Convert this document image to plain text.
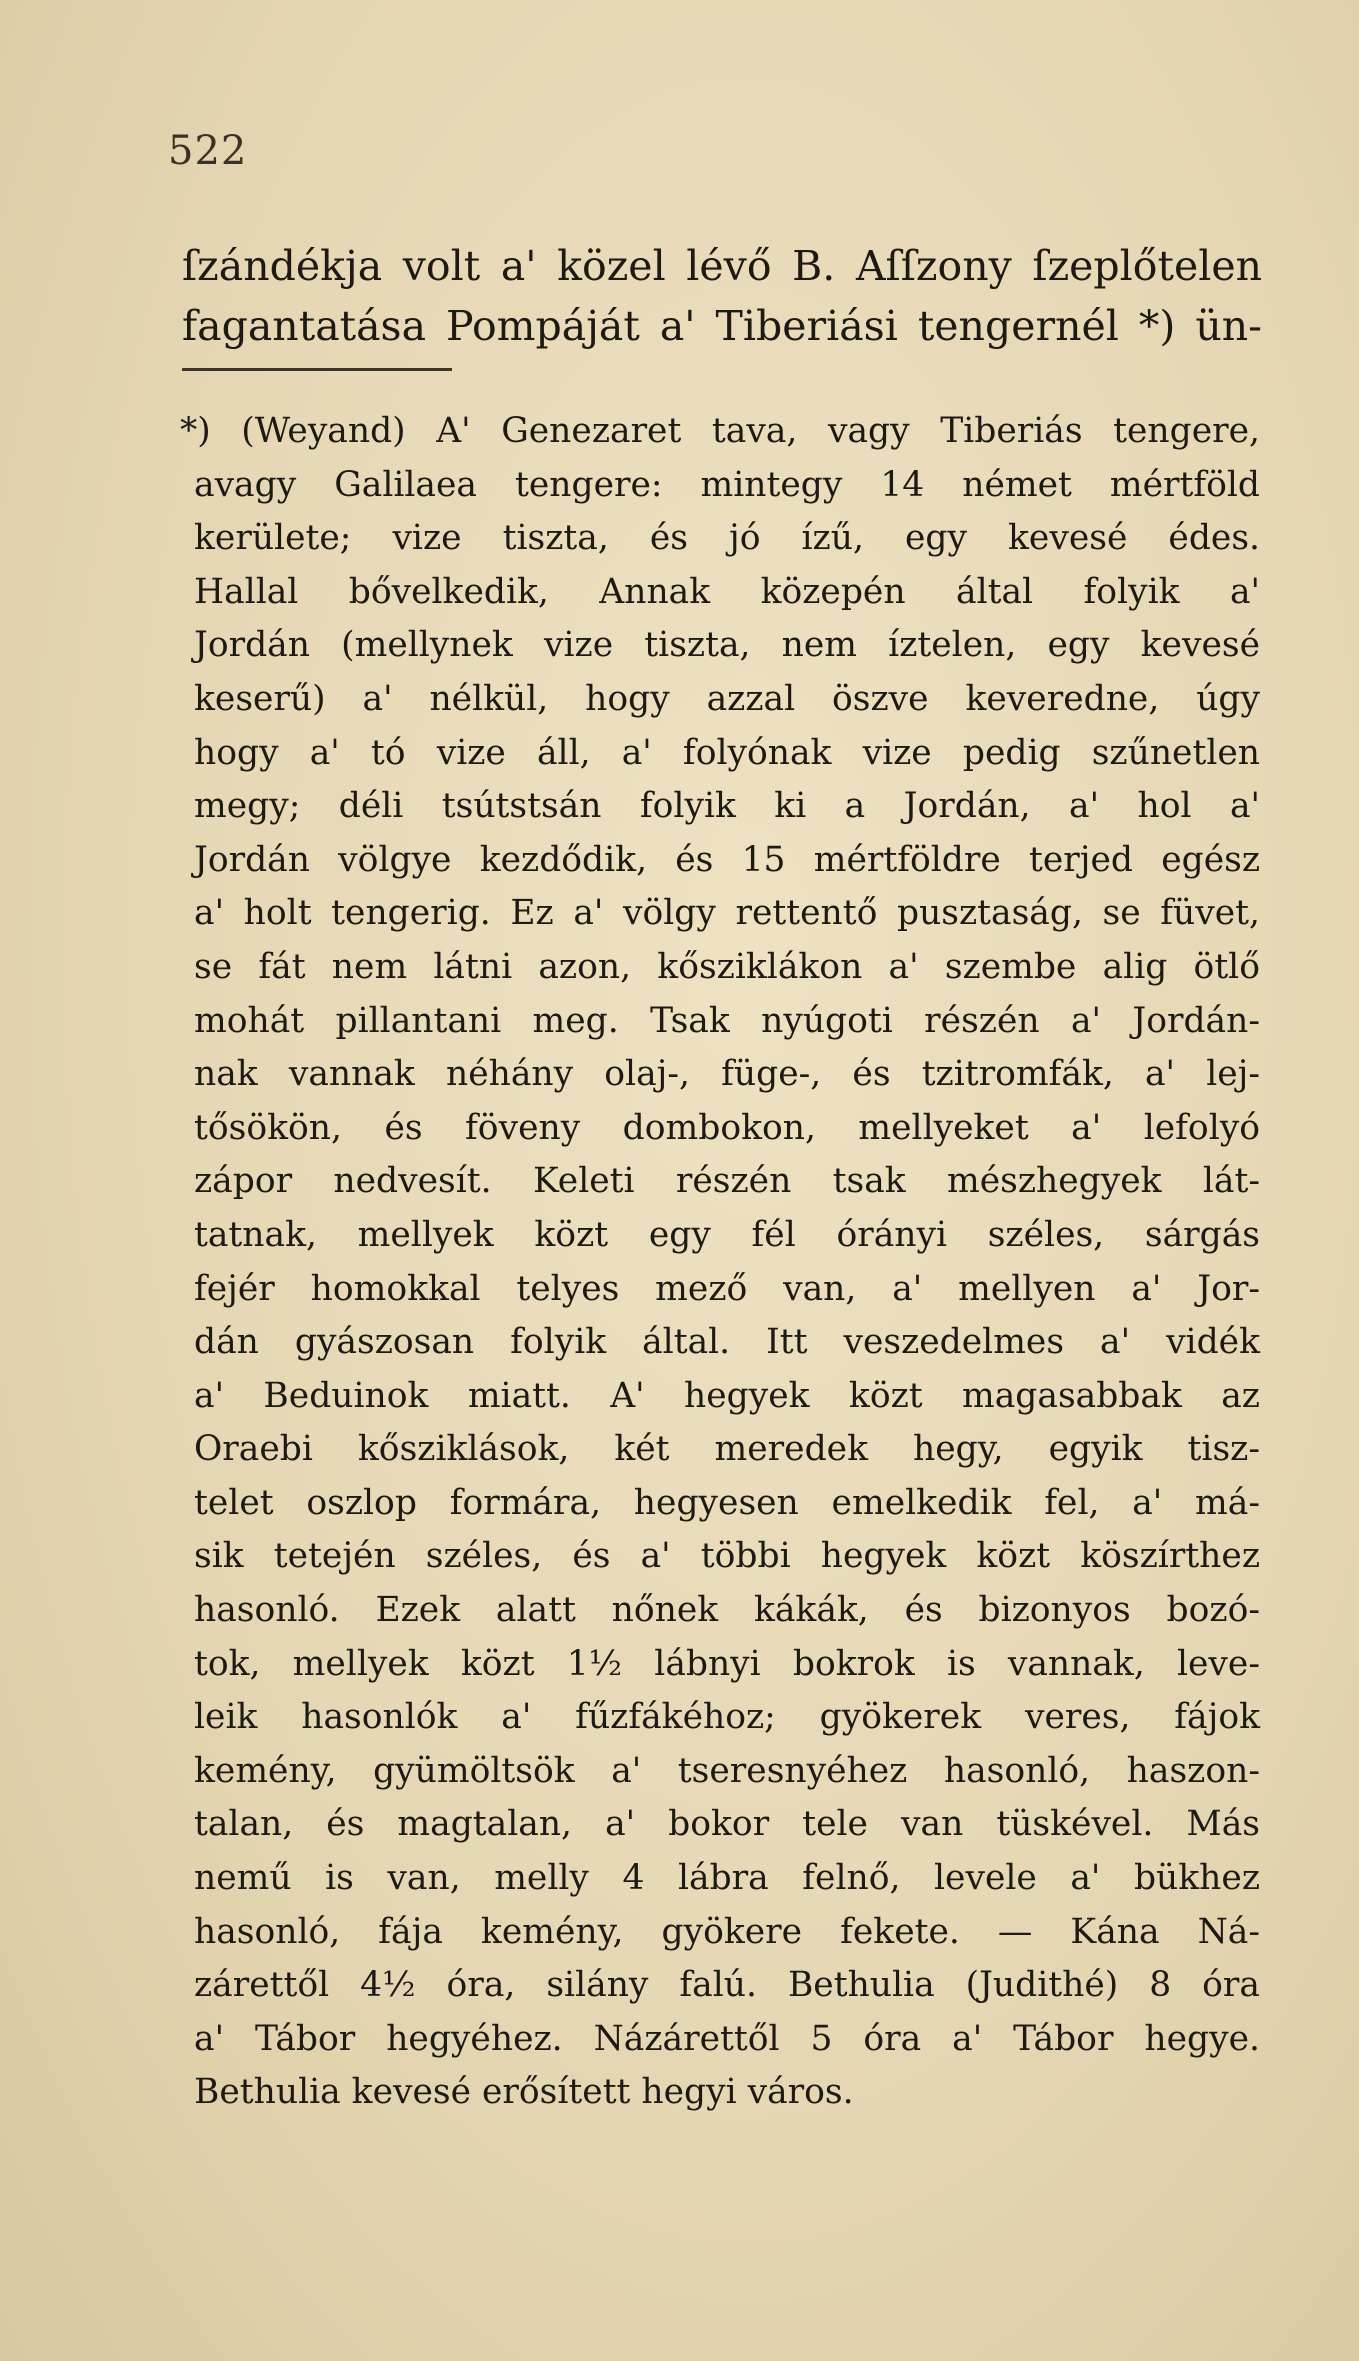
522
ſzándékja volt a' közel lévő B. Aſſzony ſzeplőtelen
fagantatása Pompáját a' Tiberiási tengernél *) ün-
*) (Weyand) A' Genezaret tava, vagy Tiberiás tengere,
avagy Galilaea tengere: mintegy 14 német mértföld
kerülete; vize tiszta, és jó ízű, egy kevesé édes.
Hallal bővelkedik, Annak közepén által folyik a'
Jordán (mellynek vize tiszta, nem íztelen, egy kevesé
keserű) a' nélkül, hogy azzal öszve keveredne, úgy
hogy a' tó vize áll, a' folyónak vize pedig szűnetlen
megy; déli tsútstsán folyik ki a Jordán, a' hol a'
Jordán völgye kezdődik, és 15 mértföldre terjed egész
a' holt tengerig. Ez a' völgy rettentő pusztaság, se füvet,
se fát nem látni azon, kősziklákon a' szembe alig ötlő
mohát pillantani meg. Tsak nyúgoti részén a' Jordán-
nak vannak néhány olaj-, füge-, és tzitromfák, a' lej-
tősökön, és föveny dombokon, mellyeket a' lefolyó
zápor nedvesít. Keleti részén tsak mészhegyek lát-
tatnak, mellyek közt egy fél órányi széles, sárgás
fejér homokkal telyes mező van, a' mellyen a' Jor-
dán gyászosan folyik által. Itt veszedelmes a' vidék
a' Beduinok miatt. A' hegyek közt magasabbak az
Oraebi kősziklások, két meredek hegy, egyik tisz-
telet oszlop formára, hegyesen emelkedik fel, a' má-
sik tetején széles, és a' többi hegyek közt köszírthez
hasonló. Ezek alatt nőnek kákák, és bizonyos bozó-
tok, mellyek közt 1½ lábnyi bokrok is vannak, leve-
leik hasonlók a' fűzfákéhoz; gyökerek veres, fájok
kemény, gyümöltsök a' tseresnyéhez hasonló, haszon-
talan, és magtalan, a' bokor tele van tüskével. Más
nemű is van, melly 4 lábra felnő, levele a' bükhez
hasonló, fája kemény, gyökere fekete. — Kána Ná-
zárettől 4½ óra, silány falú. Bethulia (Judithé) 8 óra
a' Tábor hegyéhez. Názárettől 5 óra a' Tábor hegye.
Bethulia kevesé erősített hegyi város.
